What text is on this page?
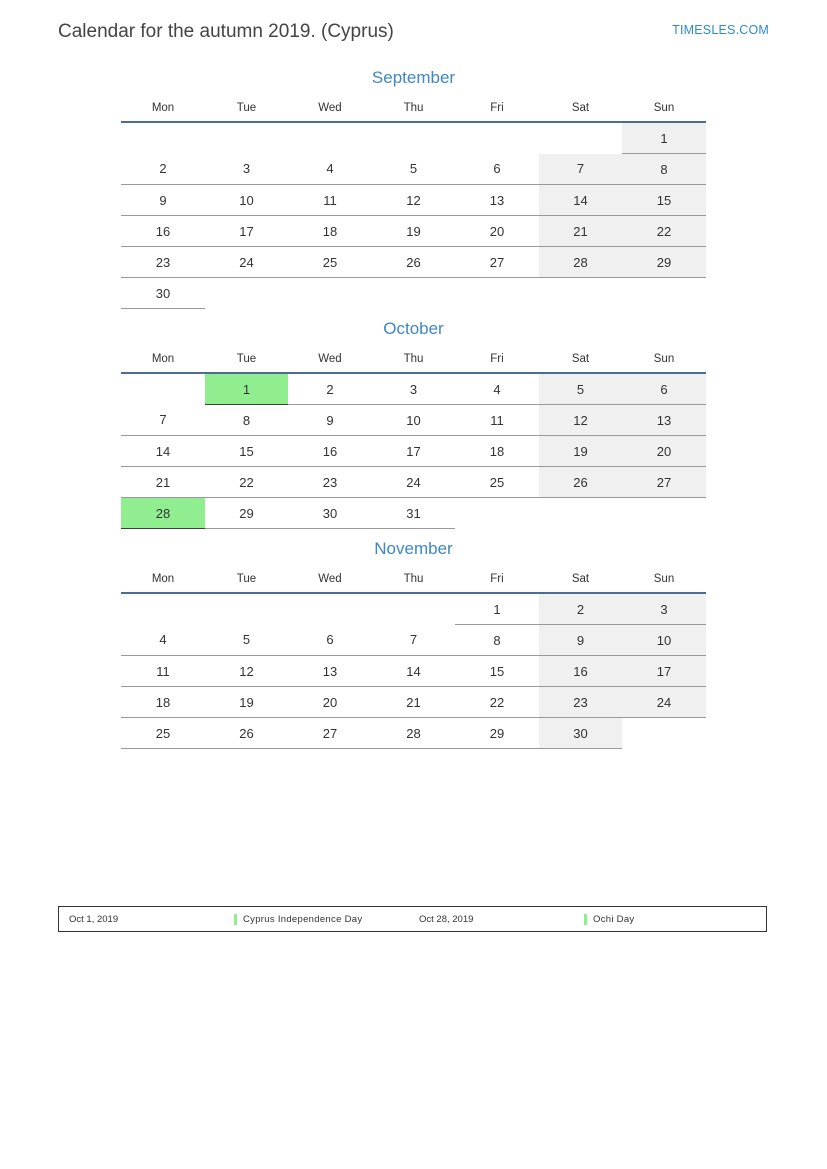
Calendar for the autumn 2019. (Cyprus)	TIMESLES.COM
September
Mon	Tue	Wed	Thu	Fri	Sat	Sun
						1
2	3	4	5	6	7	8
9	10	11	12	13	14	15
16	17	18	19	20	21	22
23	24	25	26	27	28	29
30						
October
Mon	Tue	Wed	Thu	Fri	Sat	Sun
	1	2	3	4	5	6
7	8	9	10	11	12	13
14	15	16	17	18	19	20
21	22	23	24	25	26	27
28	29	30	31			
November
Mon	Tue	Wed	Thu	Fri	Sat	Sun
				1	2	3
4	5	6	7	8	9	10
11	12	13	14	15	16	17
18	19	20	21	22	23	24
25	26	27	28	29	30	
Oct 1, 2019	Cyprus Independence Day	Oct 28, 2019	Ochi Day
